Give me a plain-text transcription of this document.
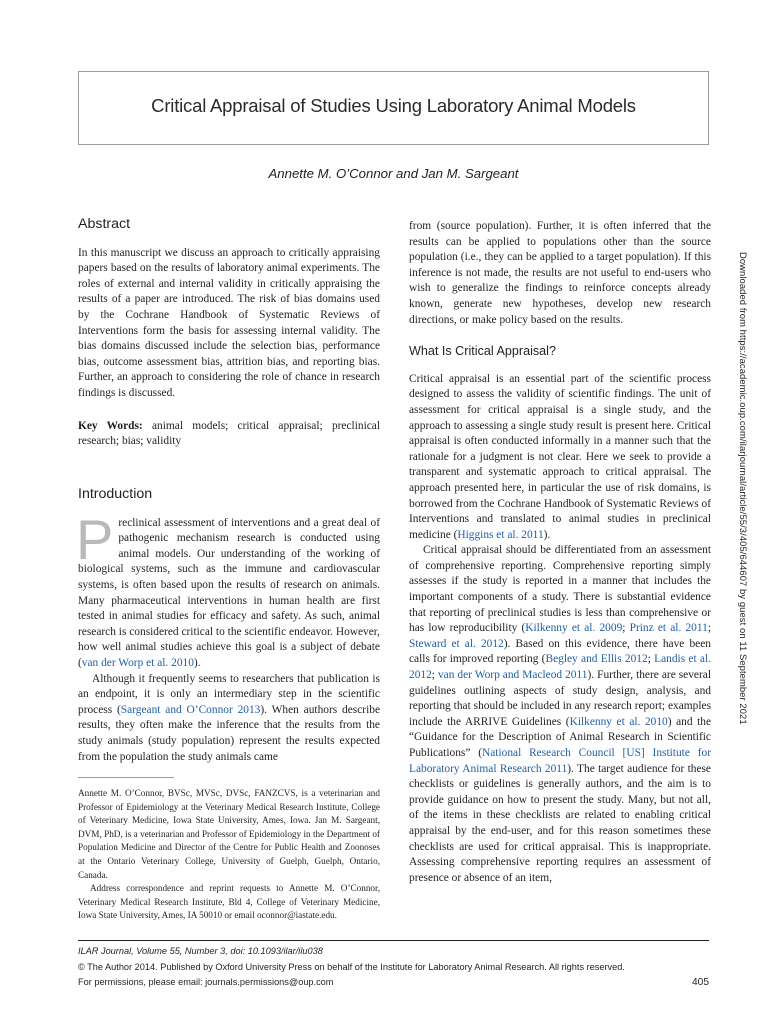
Critical Appraisal of Studies Using Laboratory Animal Models
Annette M. O’Connor and Jan M. Sargeant
Abstract

In this manuscript we discuss an approach to critically appraising papers based on the results of laboratory animal experiments. The roles of external and internal validity in critically appraising the results of a paper are introduced. The risk of bias domains used by the Cochrane Handbook of Systematic Reviews of Interventions form the basis for assessing internal validity. The bias domains discussed include the selection bias, performance bias, outcome assessment bias, attrition bias, and reporting bias. Further, an approach to considering the role of chance in research findings is discussed.

Key Words: animal models; critical appraisal; preclinical research; bias; validity

Introduction

Preclinical assessment of interventions and a great deal of pathogenic mechanism research is conducted using animal models. Our understanding of the working of biological systems, such as the immune and cardiovascular systems, is often based upon the results of research on animals. Many pharmaceutical interventions in human health are first tested in animal studies for efficacy and safety. As such, animal research is considered critical to the scientific endeavor. However, how well animal studies achieve this goal is a subject of debate (van der Worp et al. 2010).

Although it frequently seems to researchers that publication is an endpoint, it is only an intermediary step in the scientific process (Sargeant and O’Connor 2013). When authors describe results, they often make the inference that the results from the study animals (study population) represent the results expected from the population the study animals came

Annette M. O’Connor, BVSc, MVSc, DVSc, FANZCVS, is a veterinarian and Professor of Epidemiology at the Veterinary Medical Research Institute, College of Veterinary Medicine, Iowa State University, Ames, Iowa. Jan M. Sargeant, DVM, PhD, is a veterinarian and Professor of Epidemiology in the Department of Population Medicine and Director of the Centre for Public Health and Zoonoses at the Ontario Veterinary College, University of Guelph, Guelph, Ontario, Canada.

Address correspondence and reprint requests to Annette M. O’Connor, Veterinary Medical Research Institute, Bld 4, College of Veterinary Medicine, Iowa State University, Ames, IA 50010 or email oconnor@iastate.edu.

from (source population). Further, it is often inferred that the results can be applied to populations other than the source population (i.e., they can be applied to a target population). If this inference is not made, the results are not useful to end-users who wish to generalize the findings to reinforce concepts already known, generate new hypotheses, develop new research directions, or make policy based on the results.

What Is Critical Appraisal?

Critical appraisal is an essential part of the scientific process designed to assess the validity of scientific findings. The unit of assessment for critical appraisal is a single study, and the approach to assessing a single study result is present here. Critical appraisal is often conducted informally in a manner such that the rationale for a judgment is not clear. Here we seek to provide a transparent and systematic approach to critical appraisal. The approach presented here, in particular the use of risk domains, is borrowed from the Cochrane Handbook of Systematic Reviews of Interventions and translated to animal studies in preclinical medicine (Higgins et al. 2011).

Critical appraisal should be differentiated from an assessment of comprehensive reporting. Comprehensive reporting simply assesses if the study is reported in a manner that includes the important components of a study. There is substantial evidence that reporting of preclinical studies is less than comprehensive or has low reproducibility (Kilkenny et al. 2009; Prinz et al. 2011; Steward et al. 2012). Based on this evidence, there have been calls for improved reporting (Begley and Ellis 2012; Landis et al. 2012; van der Worp and Macleod 2011). Further, there are several guidelines outlining aspects of study design, analysis, and reporting that should be included in any research report; examples include the ARRIVE Guidelines (Kilkenny et al. 2010) and the “Guidance for the Description of Animal Research in Scientific Publications” (National Research Council [US] Institute for Laboratory Animal Research 2011). The target audience for these checklists or guidelines is generally authors, and the aim is to provide guidance on how to present the study. Many, but not all, of the items in these checklists are related to enabling critical appraisal by the end-user, and for this reason sometimes these checklists are used for critical appraisal. This is inappropriate. Assessing comprehensive reporting requires an assessment of presence or absence of an item,

Downloaded from https://academic.oup.com/ilarjournal/article/55/3/405/644607 by guest on 11 September 2021
ILAR Journal, Volume 55, Number 3, doi: 10.1093/ilar/ilu038
© The Author 2014. Published by Oxford University Press on behalf of the Institute for Laboratory Animal Research. All rights reserved.
For permissions, please email: journals.permissions@oup.com	405
